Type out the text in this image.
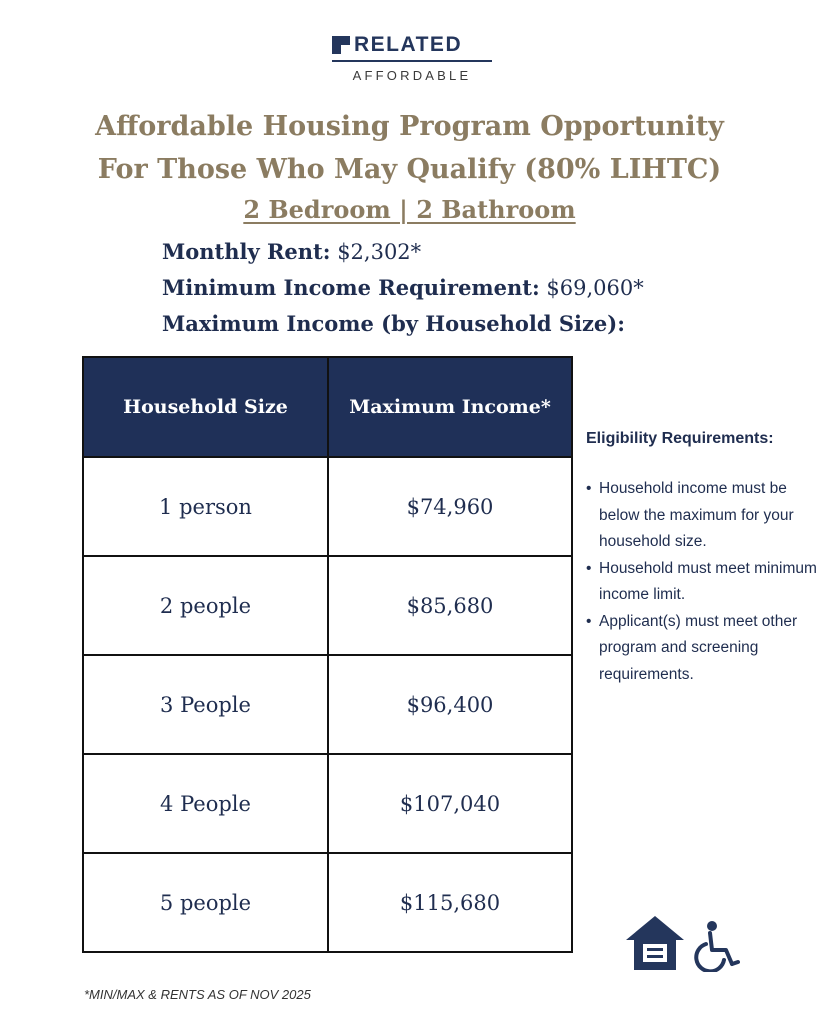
RELATED
AFFORDABLE
Affordable Housing Program Opportunity
For Those Who May Qualify (80% LIHTC)
2 Bedroom | 2 Bathroom
Monthly Rent: $2,302*
Minimum Income Requirement: $69,060*
Maximum Income (by Household Size):
Household Size	Maximum Income*
1 person	$74,960
2 people	$85,680
3 People	$96,400
4 People	$107,040
5 people	$115,680
Eligibility Requirements:
• Household income must be below the maximum for your household size.
• Household must meet minimum income limit.
• Applicant(s) must meet other program and screening requirements.
*MIN/MAX & RENTS AS OF NOV 2025
